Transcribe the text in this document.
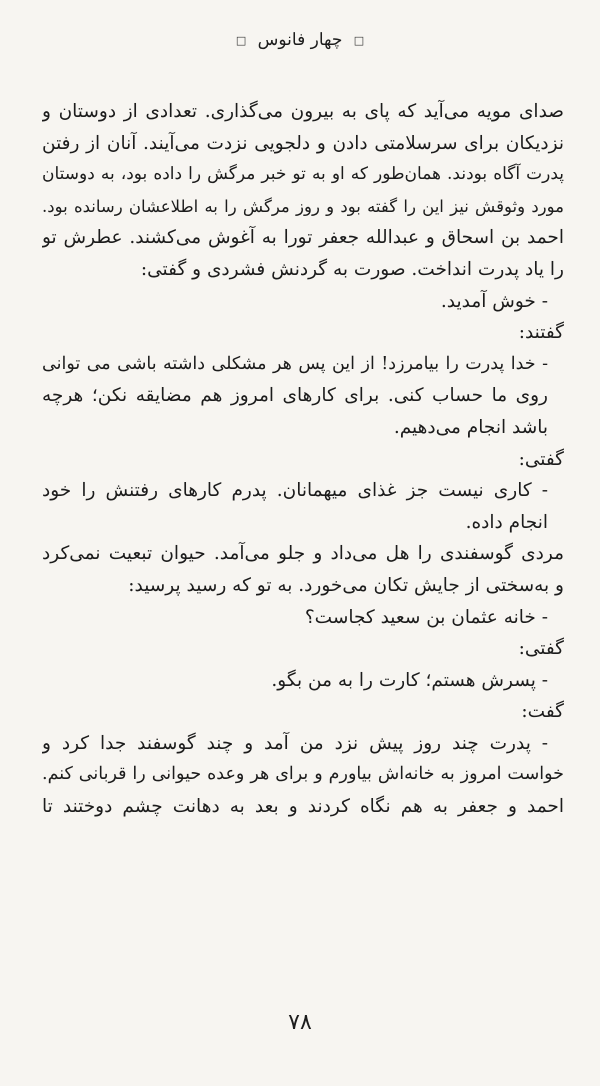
□ چهار فانوس □
صدای مویه می‌آید که پای به بیرون می‌گذاری. تعدادی از دوستان و
نزدیکان برای سرسلامتی دادن و دلجویی نزدت می‌آیند. آنان از رفتن
پدرت آگاه بودند. همان‌طور که او به تو خبر مرگش را داده بود، به دوستان
مورد وثوقش نیز این را گفته بود و روز مرگش را به اطلاعشان رسانده بود.
احمد بن اسحاق و عبدالله جعفر تورا به آغوش می‌کشند. عطرش تو
را یاد پدرت انداخت. صورت به گردنش فشردی و گفتی:
- خوش آمدید.
گفتند:
- خدا پدرت را بیامرزد! از این پس هر مشکلی داشته باشی می توانی
روی ما حساب کنی. برای کارهای امروز هم مضایقه نکن؛ هرچه
باشد انجام می‌دهیم.
گفتی:
- کاری نیست جز غذای میهمانان. پدرم کارهای رفتنش را خود
انجام داده.
مردی گوسفندی را هل می‌داد و جلو می‌آمد. حیوان تبعیت نمی‌کرد
و به‌سختی از جایش تکان می‌خورد. به تو که رسید پرسید:
- خانه عثمان بن سعید کجاست؟
گفتی:
- پسرش هستم؛ کارت را به من بگو.
گفت:
- پدرت چند روز پیش نزد من آمد و چند گوسفند جدا کرد و
خواست امروز به خانه‌اش بیاورم و برای هر وعده حیوانی را قربانی کنم.
احمد و جعفر به هم نگاه کردند و بعد به دهانت چشم دوختند تا
۷۸
